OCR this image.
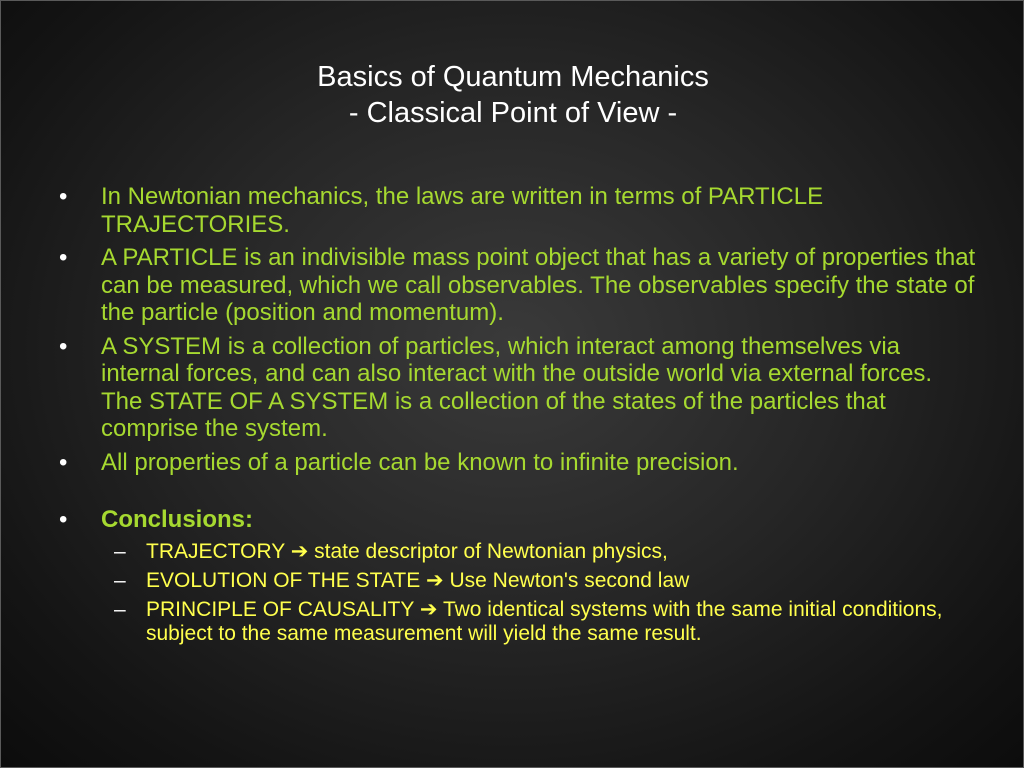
Basics of Quantum Mechanics
- Classical Point of View -
• In Newtonian mechanics, the laws are written in terms of PARTICLE TRAJECTORIES.
• A PARTICLE is an indivisible mass point object that has a variety of properties that can be measured, which we call observables. The observables specify the state of the particle (position and momentum).
• A SYSTEM is a collection of particles, which interact among themselves via internal forces, and can also interact with the outside world via external forces. The STATE OF A SYSTEM is a collection of the states of the particles that comprise the system.
• All properties of a particle can be known to infinite precision.
• Conclusions:
– TRAJECTORY ➔ state descriptor of Newtonian physics,
– EVOLUTION OF THE STATE ➔ Use Newton's second law
– PRINCIPLE OF CAUSALITY ➔ Two identical systems with the same initial conditions, subject to the same measurement will yield the same result.
